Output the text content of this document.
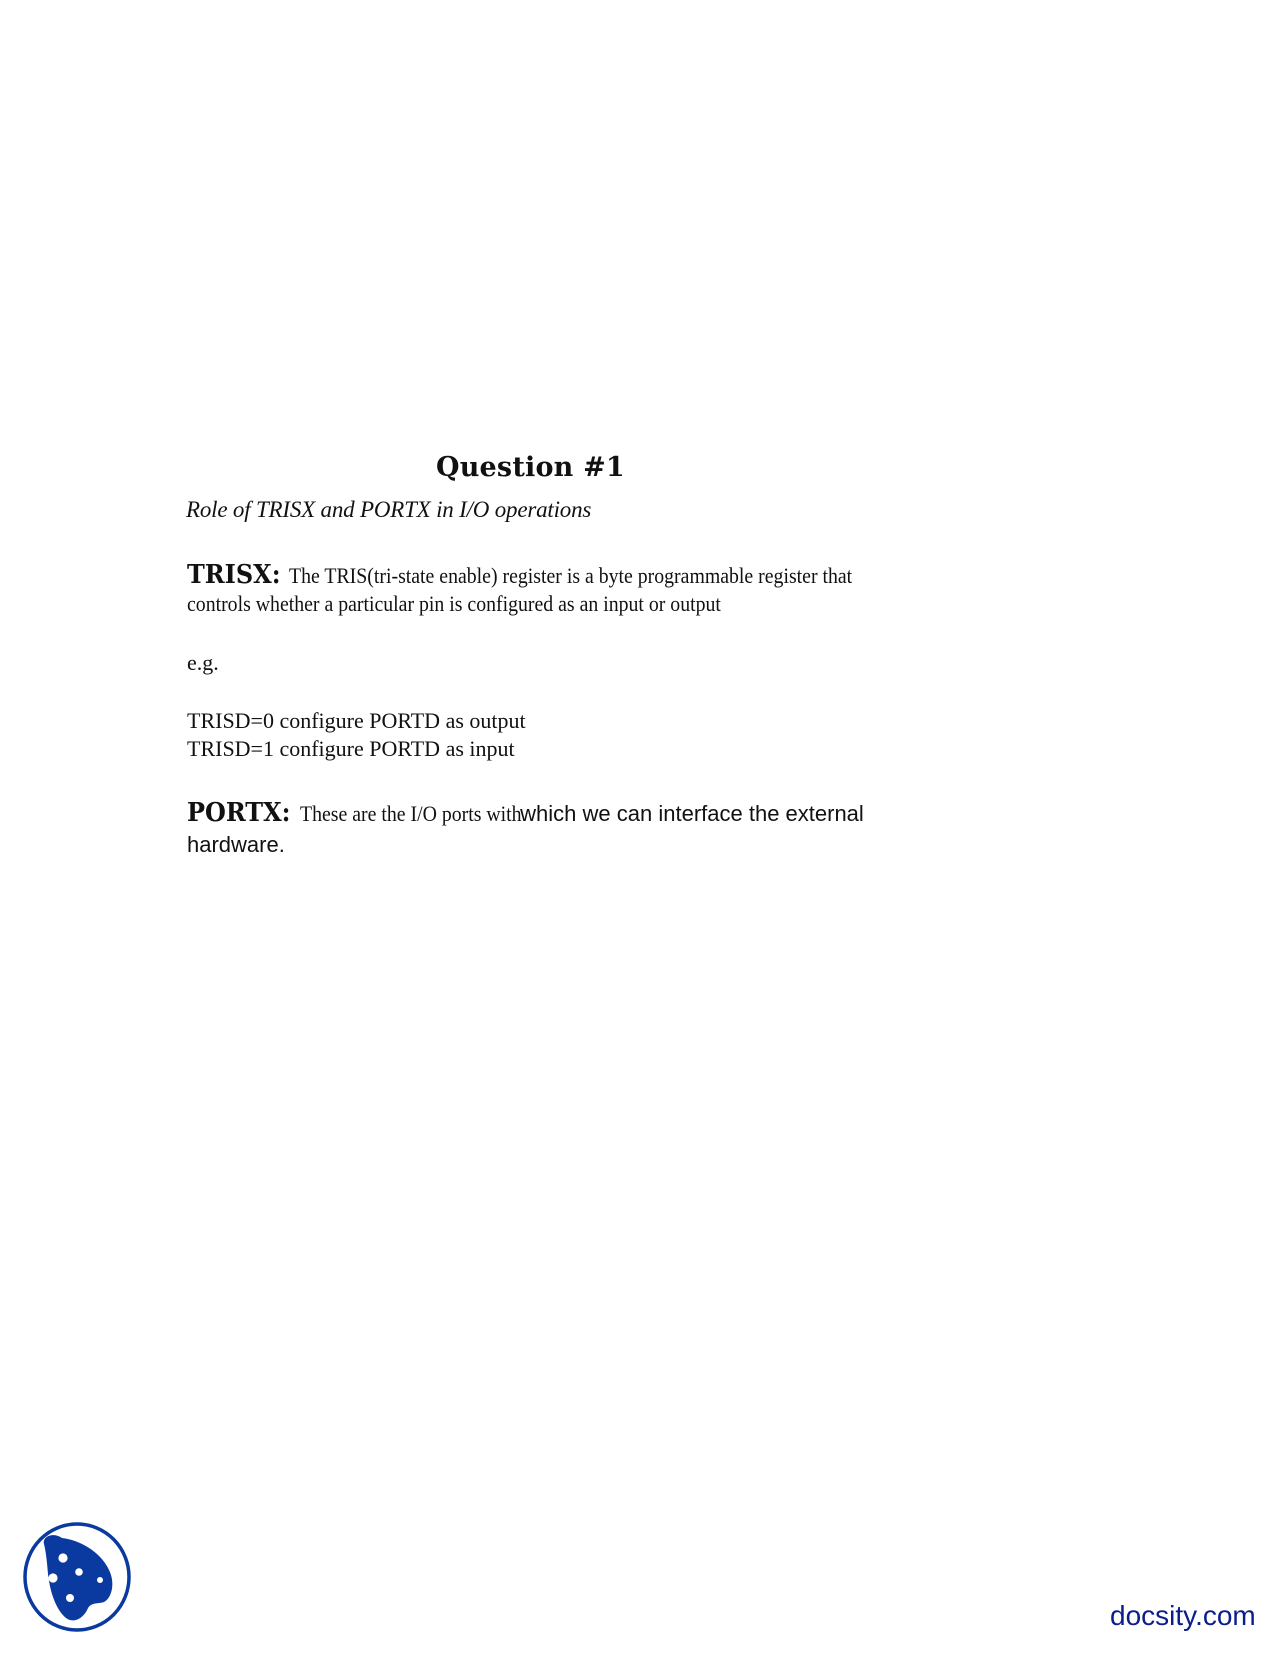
Question #1
Role of TRISX and PORTX in I/O operations
TRISX: The TRIS(tri-state enable) register is a byte programmable register that
controls whether a particular pin is configured as an input or output
e.g.
TRISD=0 configure PORTD as output
TRISD=1 configure PORTD as input
PORTX: These are the I/O ports withwhich we can interface the external
hardware.
docsity.com
